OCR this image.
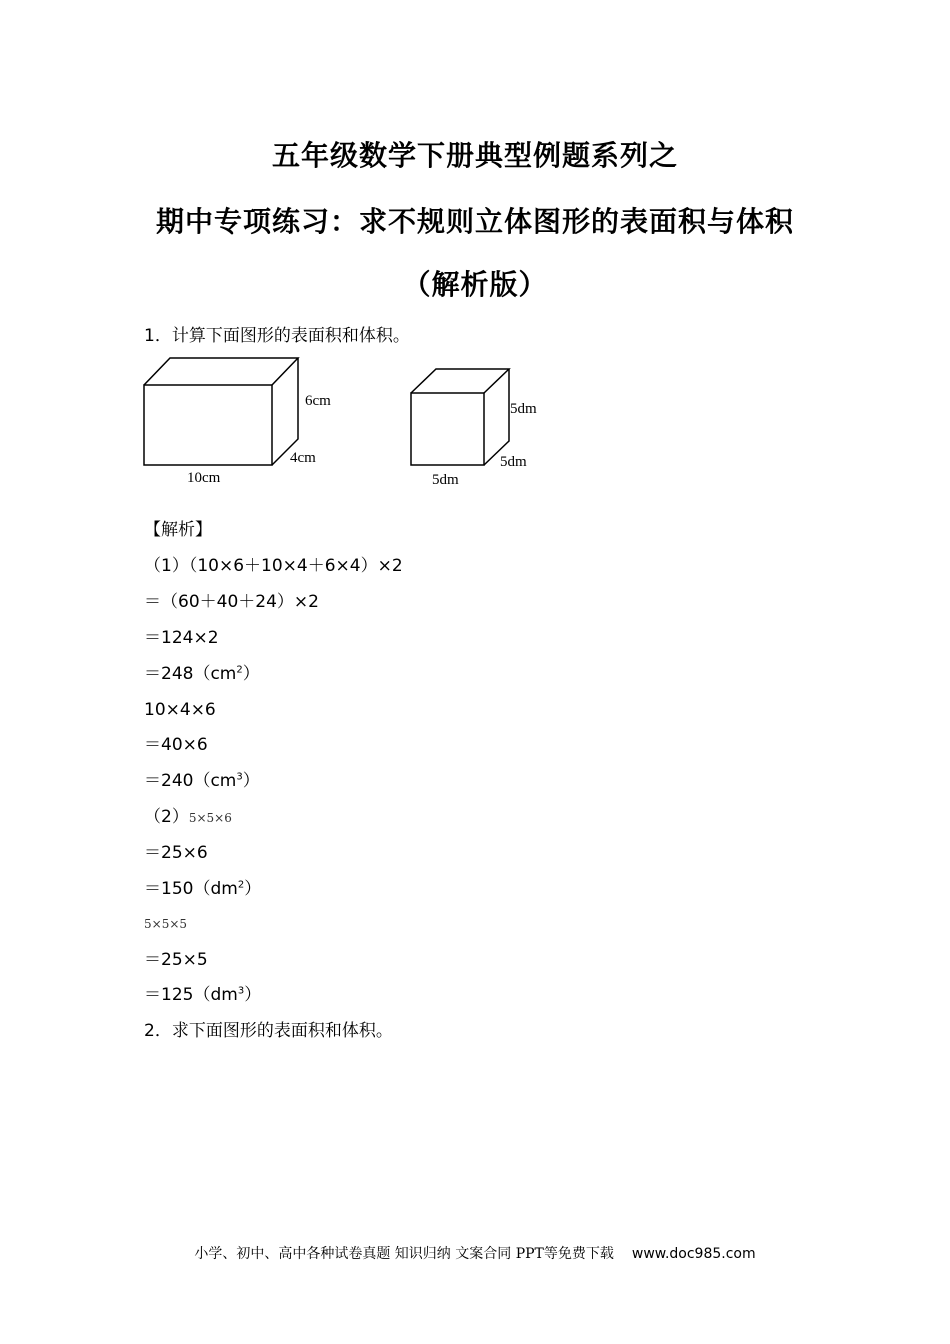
五年级数学下册典型例题系列之
期中专项练习：求不规则立体图形的表面积与体积
（解析版）
1．计算下面图形的表面积和体积。
6cm
4cm
10cm
5dm
5dm
5dm
【解析】
（1）（10×6＋10×4＋6×4）×2
＝（60＋40＋24）×2
＝124×2
$=248(cm^2)$
10×4×6
＝40×6
$=240(cm^3)$
（2）5×5×6
＝25×6
$=150(dm^2)$
5×5×5
＝25×5
$=125(dm^3)$
2．求下面图形的表面积和体积。
小学、初中、高中各种试卷真题 知识归纳 文案合同 PPT等免费下载 www.doc985.com
